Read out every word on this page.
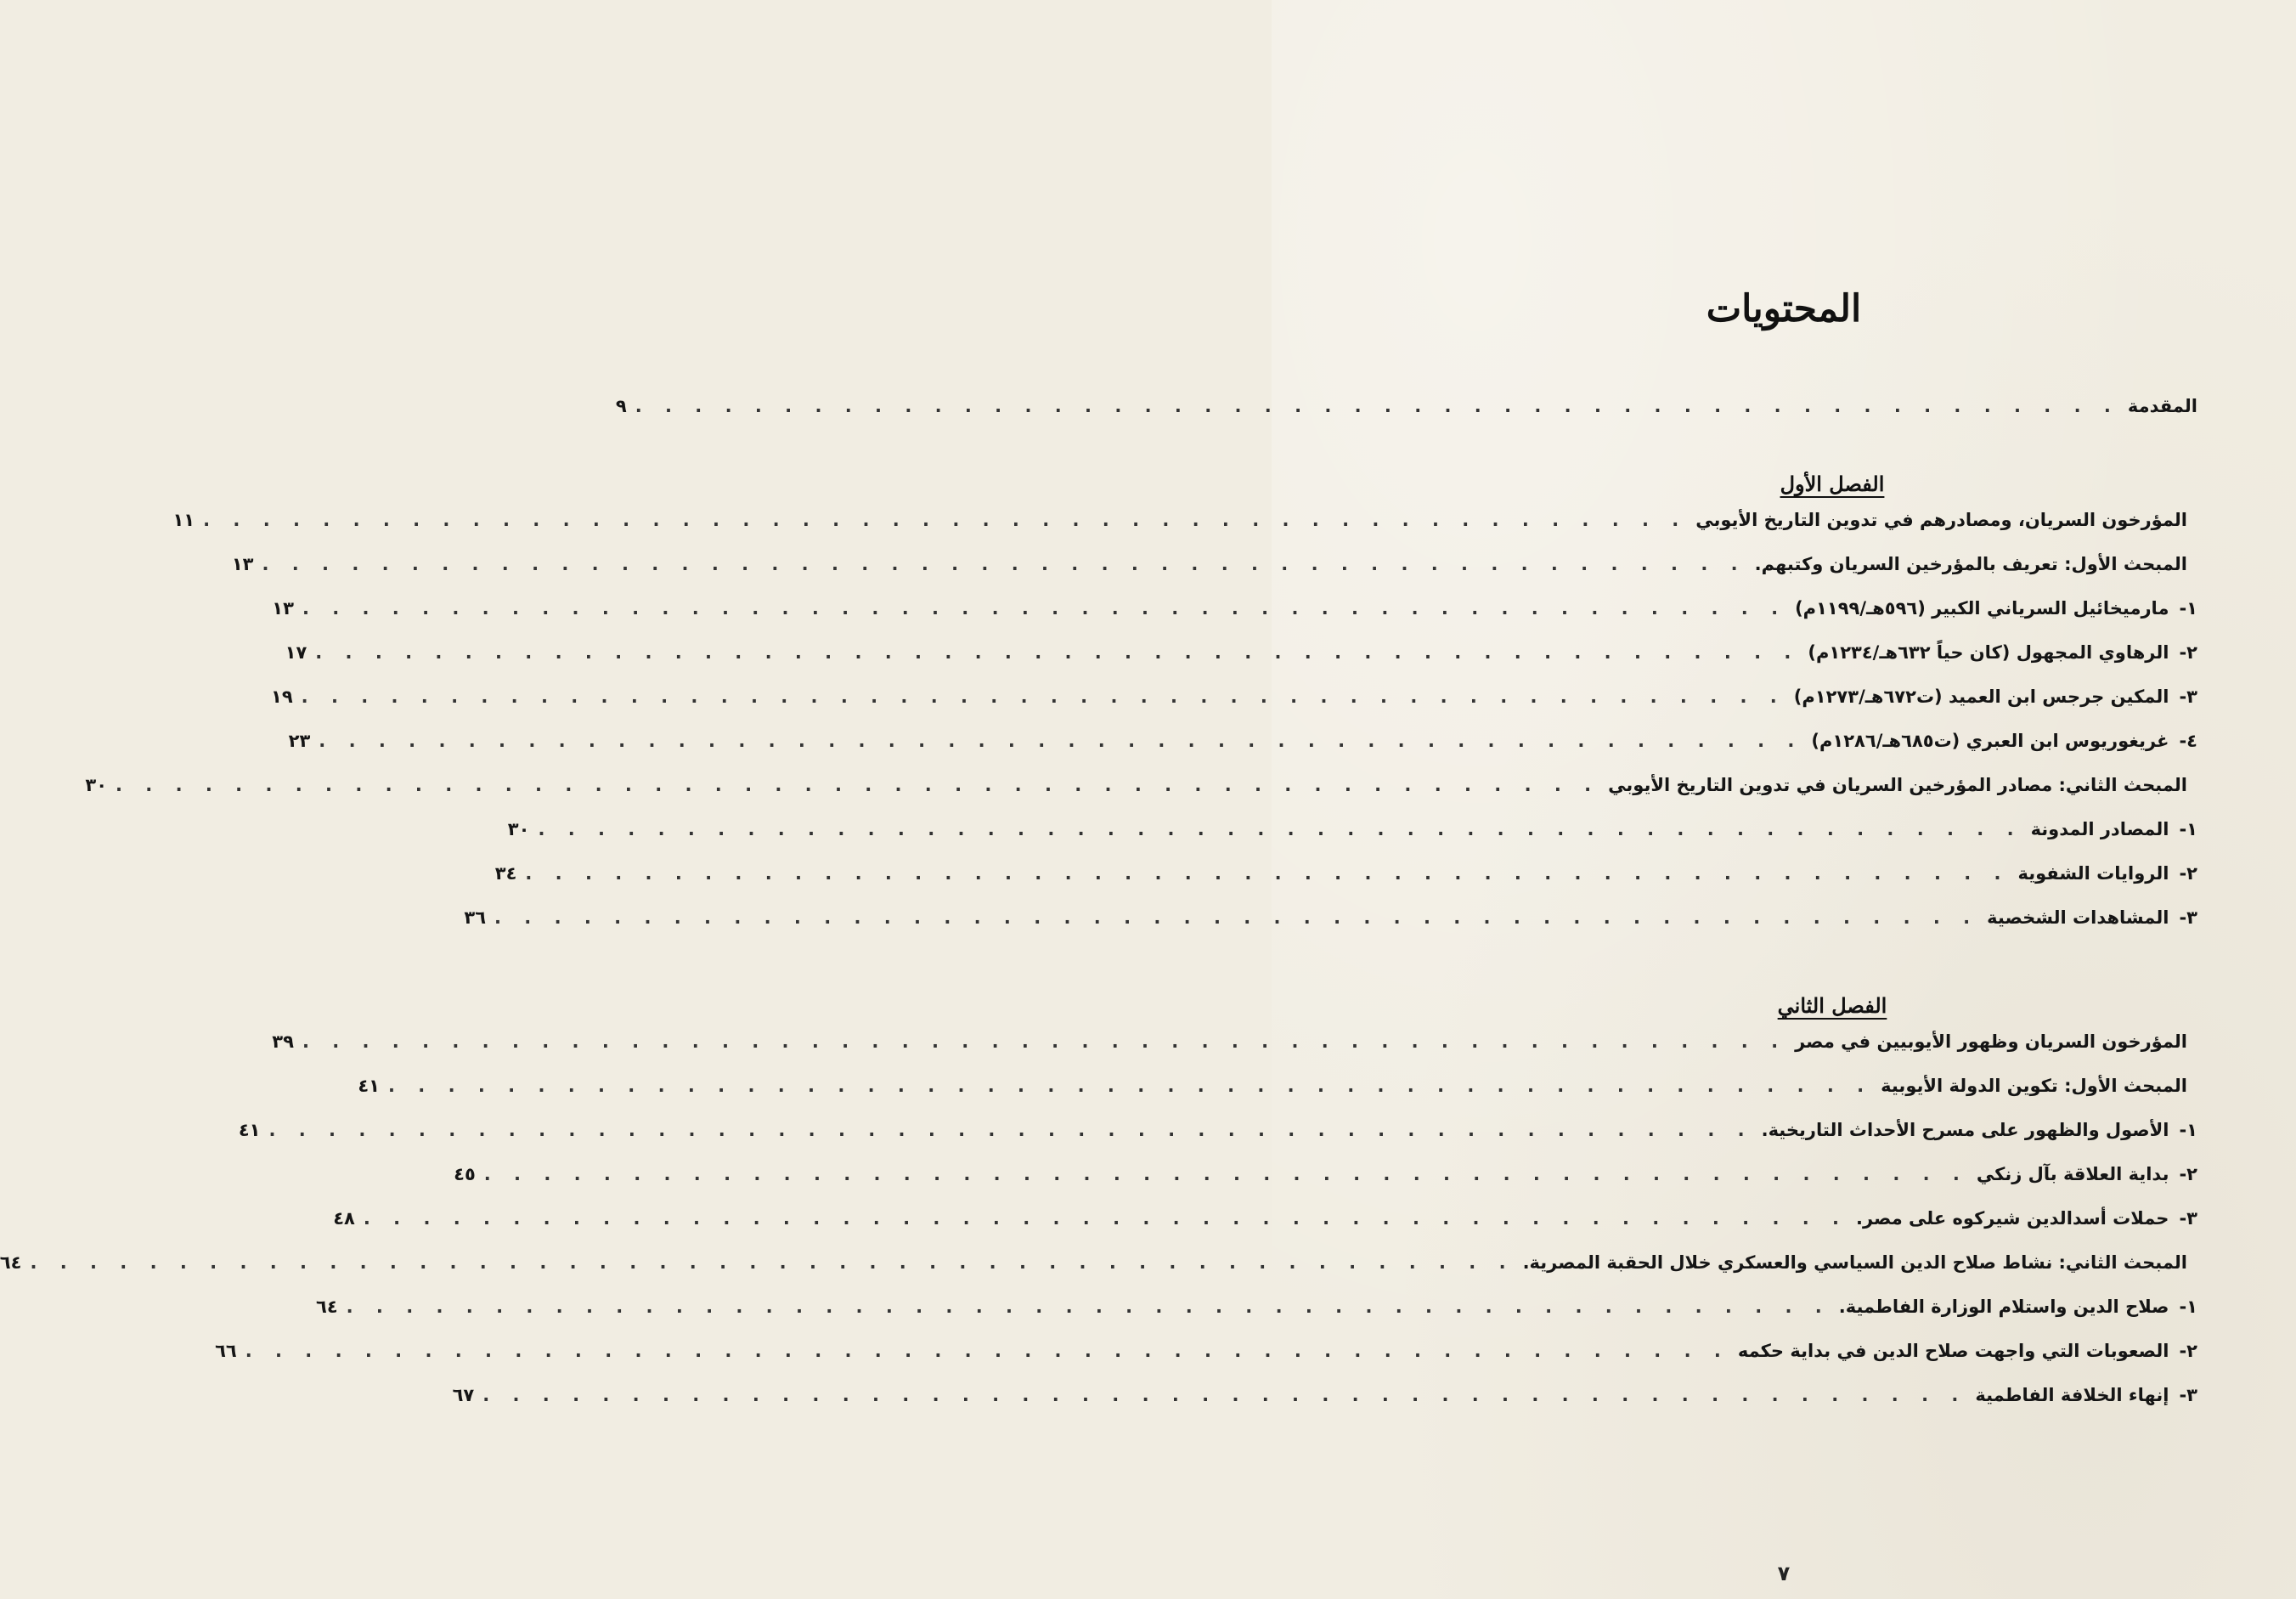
المحتويات
المقدمة
. . . . . . . . . . . . . . . . . . . . . . . . . . . . . . . . . . . . . . . . . . . . . . . . . .
٩
الفصل الأول
المؤرخون السريان، ومصادرهم في تدوين التاريخ الأيوبي
. . . . . . . . . . . . . . . . . . . . . . . . . . . . . . . . . . . . . . . . . . . . . . . . . .
١١
المبحث الأول: تعريف بالمؤرخين السريان وكتبهم.
. . . . . . . . . . . . . . . . . . . . . . . . . . . . . . . . . . . . . . . . . . . . . . . . . .
١٣
١-
مارميخائيل السرياني الكبير (٥٩٦هـ/١١٩٩م)
. . . . . . . . . . . . . . . . . . . . . . . . . . . . . . . . . . . . . . . . . . . . . . . . . .
١٣
٢-
الرهاوي المجهول (كان حياً ٦٣٢هـ/١٢٣٤م)
. . . . . . . . . . . . . . . . . . . . . . . . . . . . . . . . . . . . . . . . . . . . . . . . . .
١٧
٣-
المكين جرجس ابن العميد (ت٦٧٢هـ/١٢٧٣م)
. . . . . . . . . . . . . . . . . . . . . . . . . . . . . . . . . . . . . . . . . . . . . . . . . .
١٩
٤-
غريغوريوس ابن العبري (ت٦٨٥هـ/١٢٨٦م)
. . . . . . . . . . . . . . . . . . . . . . . . . . . . . . . . . . . . . . . . . . . . . . . . . .
٢٣
المبحث الثاني: مصادر المؤرخين السريان في تدوين التاريخ الأيوبي
. . . . . . . . . . . . . . . . . . . . . . . . . . . . . . . . . . . . . . . . . . . . . . . . . .
٣٠
١-
المصادر المدونة
. . . . . . . . . . . . . . . . . . . . . . . . . . . . . . . . . . . . . . . . . . . . . . . . . .
٣٠
٢-
الروايات الشفوية
. . . . . . . . . . . . . . . . . . . . . . . . . . . . . . . . . . . . . . . . . . . . . . . . . .
٣٤
٣-
المشاهدات الشخصية
. . . . . . . . . . . . . . . . . . . . . . . . . . . . . . . . . . . . . . . . . . . . . . . . . .
٣٦
الفصل الثاني
المؤرخون السريان وظهور الأيوبيين في مصر
. . . . . . . . . . . . . . . . . . . . . . . . . . . . . . . . . . . . . . . . . . . . . . . . . .
٣٩
المبحث الأول: تكوين الدولة الأيوبية
. . . . . . . . . . . . . . . . . . . . . . . . . . . . . . . . . . . . . . . . . . . . . . . . . .
٤١
١-
الأصول والظهور على مسرح الأحداث التاريخية.
. . . . . . . . . . . . . . . . . . . . . . . . . . . . . . . . . . . . . . . . . . . . . . . . . .
٤١
٢-
بداية العلاقة بآل زنكي
. . . . . . . . . . . . . . . . . . . . . . . . . . . . . . . . . . . . . . . . . . . . . . . . . .
٤٥
٣-
حملات أسدالدين شيركوه على مصر.
. . . . . . . . . . . . . . . . . . . . . . . . . . . . . . . . . . . . . . . . . . . . . . . . . .
٤٨
المبحث الثاني: نشاط صلاح الدين السياسي والعسكري خلال الحقبة المصرية.
. . . . . . . . . . . . . . . . . . . . . . . . . . . . . . . . . . . . . . . . . . . . . . . . . .
٦٤
١-
صلاح الدين واستلام الوزارة الفاطمية.
. . . . . . . . . . . . . . . . . . . . . . . . . . . . . . . . . . . . . . . . . . . . . . . . . .
٦٤
٢-
الصعوبات التي واجهت صلاح الدين في بداية حكمه
. . . . . . . . . . . . . . . . . . . . . . . . . . . . . . . . . . . . . . . . . . . . . . . . . .
٦٦
٣-
إنهاء الخلافة الفاطمية
. . . . . . . . . . . . . . . . . . . . . . . . . . . . . . . . . . . . . . . . . . . . . . . . . .
٦٧
٧
